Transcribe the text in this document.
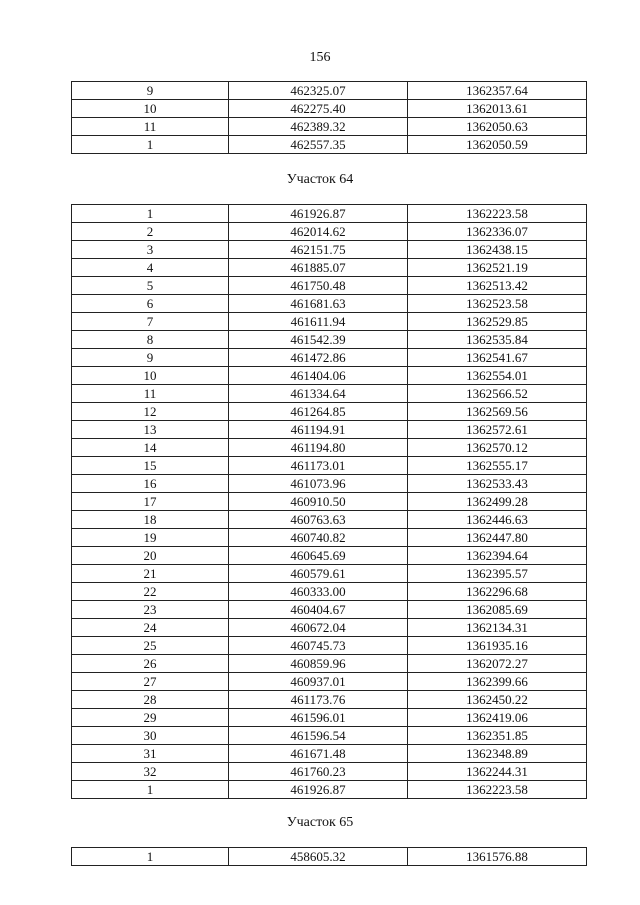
156
9	462325.07	1362357.64
10	462275.40	1362013.61
11	462389.32	1362050.63
1	462557.35	1362050.59
Участок 64
1	461926.87	1362223.58
2	462014.62	1362336.07
3	462151.75	1362438.15
4	461885.07	1362521.19
5	461750.48	1362513.42
6	461681.63	1362523.58
7	461611.94	1362529.85
8	461542.39	1362535.84
9	461472.86	1362541.67
10	461404.06	1362554.01
11	461334.64	1362566.52
12	461264.85	1362569.56
13	461194.91	1362572.61
14	461194.80	1362570.12
15	461173.01	1362555.17
16	461073.96	1362533.43
17	460910.50	1362499.28
18	460763.63	1362446.63
19	460740.82	1362447.80
20	460645.69	1362394.64
21	460579.61	1362395.57
22	460333.00	1362296.68
23	460404.67	1362085.69
24	460672.04	1362134.31
25	460745.73	1361935.16
26	460859.96	1362072.27
27	460937.01	1362399.66
28	461173.76	1362450.22
29	461596.01	1362419.06
30	461596.54	1362351.85
31	461671.48	1362348.89
32	461760.23	1362244.31
1	461926.87	1362223.58
Участок 65
1	458605.32	1361576.88
